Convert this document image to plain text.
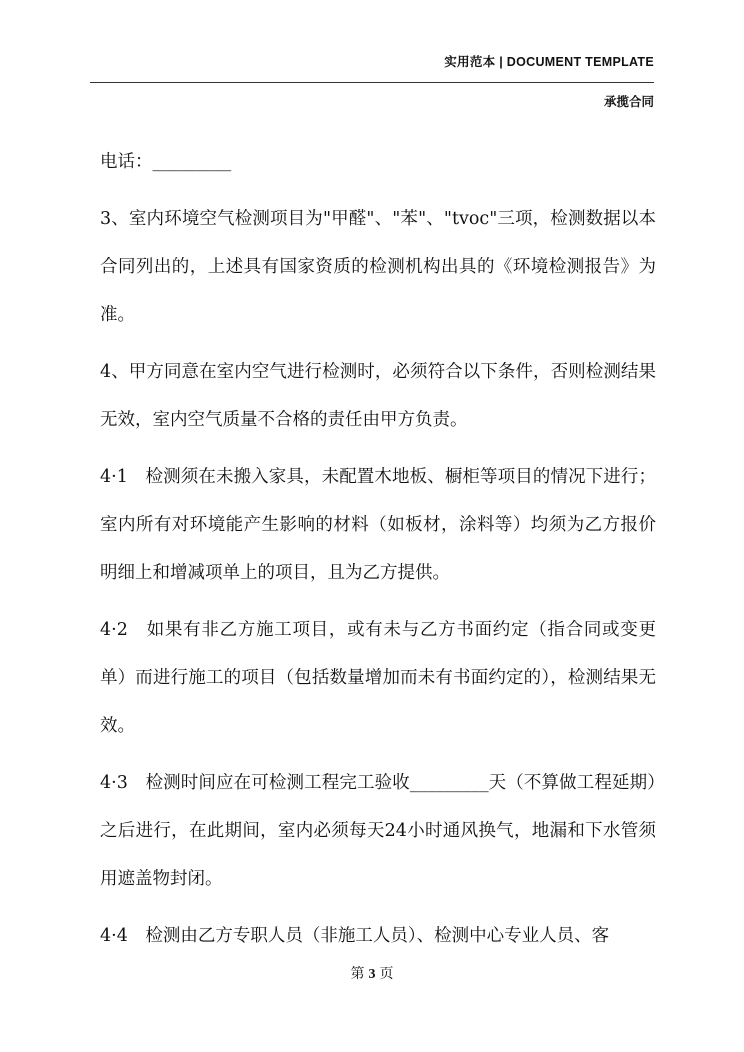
实用范本 | DOCUMENT TEMPLATE
承揽合同

电话：_________

3、室内环境空气检测项目为"甲醛"、"苯"、"tvoc"三项，检测数据以本合同列出的，上述具有国家资质的检测机构出具的《环境检测报告》为准。

4、甲方同意在室内空气进行检测时，必须符合以下条件，否则检测结果无效，室内空气质量不合格的责任由甲方负责。

4·1　检测须在未搬入家具，未配置木地板、橱柜等项目的情况下进行；室内所有对环境能产生影响的材料（如板材，涂料等）均须为乙方报价明细上和增减项单上的项目，且为乙方提供。

4·2　如果有非乙方施工项目，或有未与乙方书面约定（指合同或变更单）而进行施工的项目（包括数量增加而未有书面约定的），检测结果无效。

4·3　检测时间应在可检测工程完工验收_________天（不算做工程延期）之后进行，在此期间，室内必须每天24小时通风换气，地漏和下水管须用遮盖物封闭。

4·4　检测由乙方专职人员（非施工人员）、检测中心专业人员、客

第 3 页
